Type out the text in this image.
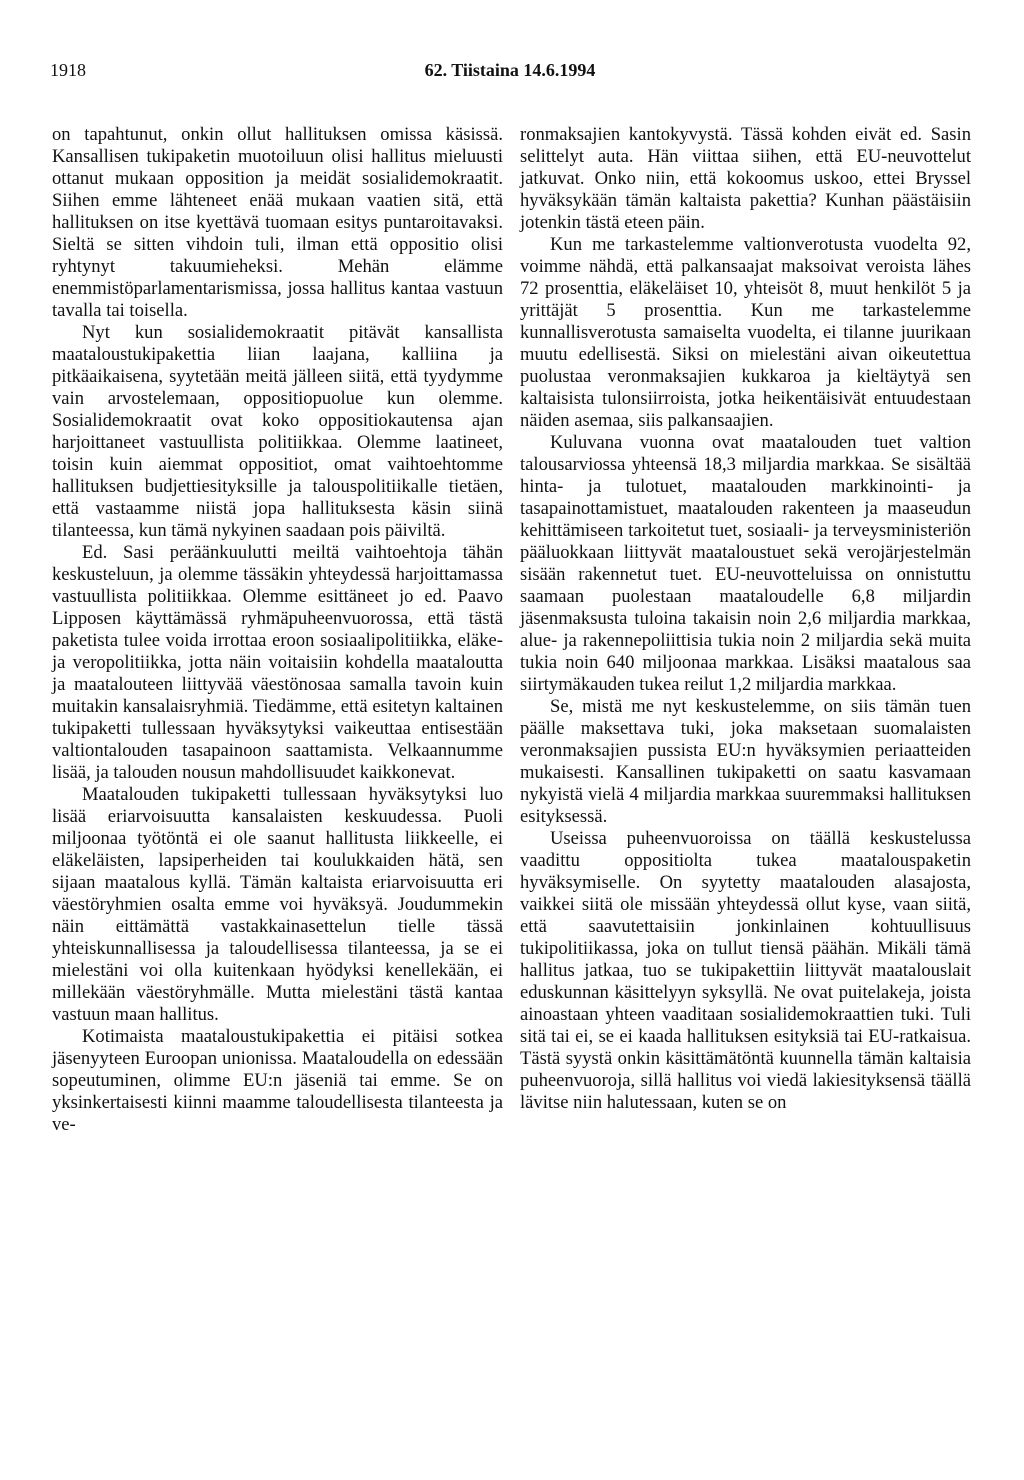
1918	62. Tiistaina 14.6.1994

on tapahtunut, onkin ollut hallituksen omissa käsissä. Kansallisen tukipaketin muotoiluun olisi hallitus mieluusti ottanut mukaan opposition ja meidät sosialidemokraatit. Siihen emme lähteneet enää mukaan vaatien sitä, että hallituksen on itse kyettävä tuomaan esitys puntaroitavaksi. Sieltä se sitten vihdoin tuli, ilman että oppositio olisi ryhtynyt takuumieheksi. Mehän elämme enemmistöparlamentarismissa, jossa hallitus kantaa vastuun tavalla tai toisella.

Nyt kun sosialidemokraatit pitävät kansallista maataloustukipakettia liian laajana, kalliina ja pitkäaikaisena, syytetään meitä jälleen siitä, että tyydymme vain arvostelemaan, oppositiopuolue kun olemme. Sosialidemokraatit ovat koko oppositiokautensa ajan harjoittaneet vastuullista politiikkaa. Olemme laatineet, toisin kuin aiemmat oppositiot, omat vaihtoehtomme hallituksen budjettiesityksille ja talouspolitiikalle tietäen, että vastaamme niistä jopa hallituksesta käsin siinä tilanteessa, kun tämä nykyinen saadaan pois päiviltä.

Ed. Sasi peräänkuulutti meiltä vaihtoehtoja tähän keskusteluun, ja olemme tässäkin yhteydessä harjoittamassa vastuullista politiikkaa. Olemme esittäneet jo ed. Paavo Lipposen käyttämässä ryhmäpuheenvuorossa, että tästä paketista tulee voida irrottaa eroon sosiaalipolitiikka, eläke- ja veropolitiikka, jotta näin voitaisiin kohdella maataloutta ja maatalouteen liittyvää väestönosaa samalla tavoin kuin muitakin kansalaisryhmiä. Tiedämme, että esitetyn kaltainen tukipaketti tullessaan hyväksytyksi vaikeuttaa entisestään valtiontalouden tasapainoon saattamista. Velkaannumme lisää, ja talouden nousun mahdollisuudet kaikkonevat.

Maatalouden tukipaketti tullessaan hyväksytyksi luo lisää eriarvoisuutta kansalaisten keskuudessa. Puoli miljoonaa työtöntä ei ole saanut hallitusta liikkeelle, ei eläkeläisten, lapsiperheiden tai koulukkaiden hätä, sen sijaan maatalous kyllä. Tämän kaltaista eriarvoisuutta eri väestöryhmien osalta emme voi hyväksyä. Joudummekin näin eittämättä vastakkainasettelun tielle tässä yhteiskunnallisessa ja taloudellisessa tilanteessa, ja se ei mielestäni voi olla kuitenkaan hyödyksi kenellekään, ei millekään väestöryhmälle. Mutta mielestäni tästä kantaa vastuun maan hallitus.

Kotimaista maataloustukipakettia ei pitäisi sotkea jäsenyyteen Euroopan unionissa. Maataloudella on edessään sopeutuminen, olimme EU:n jäseniä tai emme. Se on yksinkertaisesti kiinni maamme taloudellisesta tilanteesta ja ve-

ronmaksajien kantokyvystä. Tässä kohden eivät ed. Sasin selittelyt auta. Hän viittaa siihen, että EU-neuvottelut jatkuvat. Onko niin, että kokoomus uskoo, ettei Bryssel hyväksykään tämän kaltaista pakettia? Kunhan päästäisiin jotenkin tästä eteen päin.

Kun me tarkastelemme valtionverotusta vuodelta 92, voimme nähdä, että palkansaajat maksoivat veroista lähes 72 prosenttia, eläkeläiset 10, yhteisöt 8, muut henkilöt 5 ja yrittäjät 5 prosenttia. Kun me tarkastelemme kunnallisverotusta samaiselta vuodelta, ei tilanne juurikaan muutu edellisestä. Siksi on mielestäni aivan oikeutettua puolustaa veronmaksajien kukkaroa ja kieltäytyä sen kaltaisista tulonsiirroista, jotka heikentäisivät entuudestaan näiden asemaa, siis palkansaajien.

Kuluvana vuonna ovat maatalouden tuet valtion talousarviossa yhteensä 18,3 miljardia markkaa. Se sisältää hinta- ja tulotuet, maatalouden markkinointi- ja tasapainottamistuet, maatalouden rakenteen ja maaseudun kehittämiseen tarkoitetut tuet, sosiaali- ja terveysministeriön pääluokkaan liittyvät maataloustuet sekä verojärjestelmän sisään rakennetut tuet. EU-neuvotteluissa on onnistuttu saamaan puolestaan maataloudelle 6,8 miljardin jäsenmaksusta tuloina takaisin noin 2,6 miljardia markkaa, alue- ja rakennepoliittisia tukia noin 2 miljardia sekä muita tukia noin 640 miljoonaa markkaa. Lisäksi maatalous saa siirtymäkauden tukea reilut 1,2 miljardia markkaa.

Se, mistä me nyt keskustelemme, on siis tämän tuen päälle maksettava tuki, joka maksetaan suomalaisten veronmaksajien pussista EU:n hyväksymien periaatteiden mukaisesti. Kansallinen tukipaketti on saatu kasvamaan nykyistä vielä 4 miljardia markkaa suuremmaksi hallituksen esityksessä.

Useissa puheenvuoroissa on täällä keskustelussa vaadittu oppositiolta tukea maatalouspaketin hyväksymiselle. On syytetty maatalouden alasajosta, vaikkei siitä ole missään yhteydessä ollut kyse, vaan siitä, että saavutettaisiin jonkinlainen kohtuullisuus tukipolitiikassa, joka on tullut tiensä päähän. Mikäli tämä hallitus jatkaa, tuo se tukipakettiin liittyvät maatalouslait eduskunnan käsittelyyn syksyllä. Ne ovat puitelakeja, joista ainoastaan yhteen vaaditaan sosialidemokraattien tuki. Tuli sitä tai ei, se ei kaada hallituksen esityksiä tai EU-ratkaisua. Tästä syystä onkin käsittämätöntä kuunnella tämän kaltaisia puheenvuoroja, sillä hallitus voi viedä lakiesityksensä täällä lävitse niin halutessaan, kuten se on
